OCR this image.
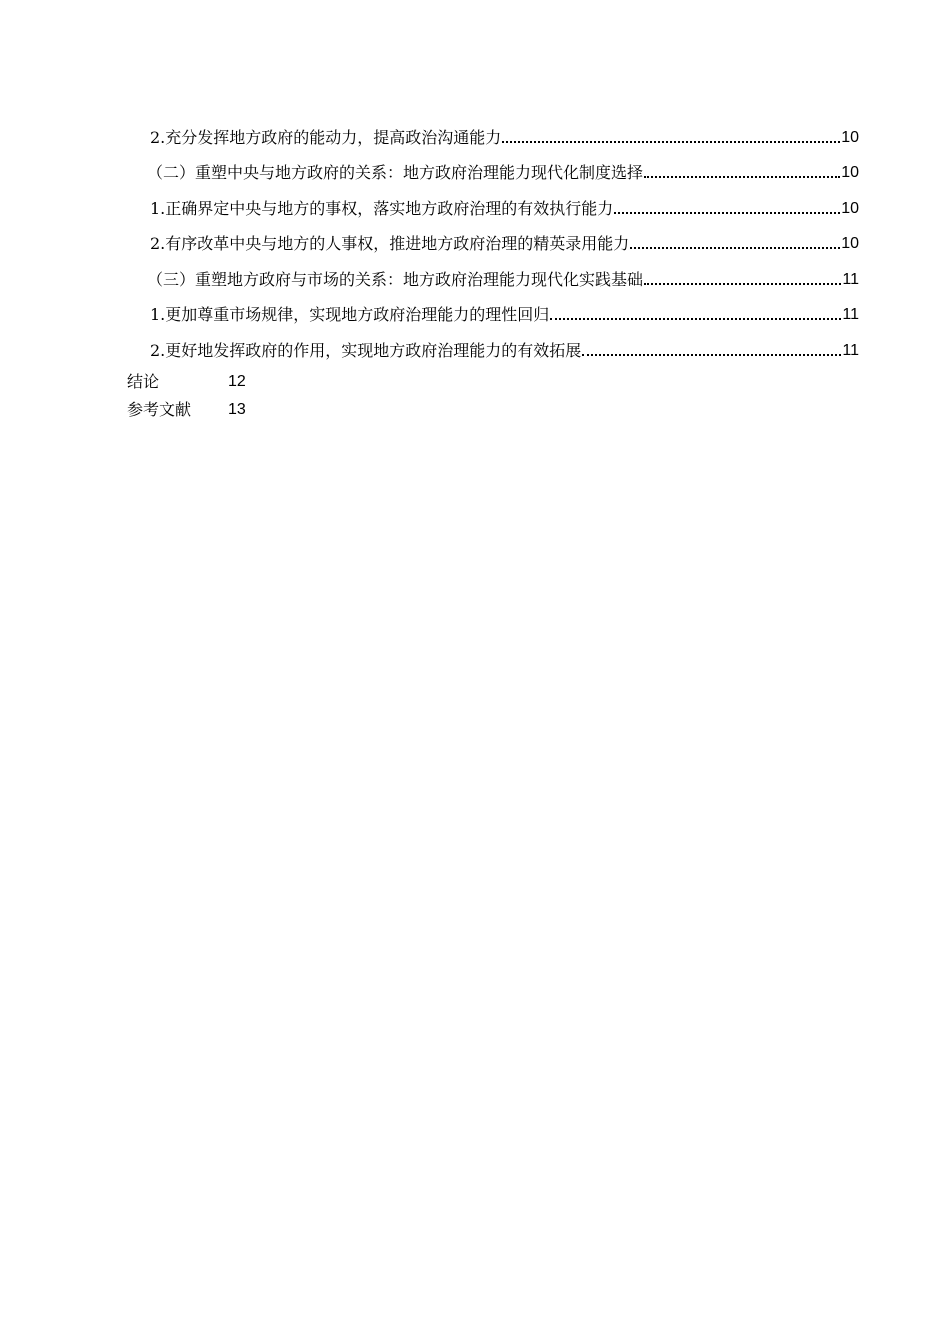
2.充分发挥地方政府的能动力，提高政治沟通能力	10
（二）重塑中央与地方政府的关系：地方政府治理能力现代化制度选择	10
1.正确界定中央与地方的事权，落实地方政府治理的有效执行能力	10
2.有序改革中央与地方的人事权，推进地方政府治理的精英录用能力	10
（三）重塑地方政府与市场的关系：地方政府治理能力现代化实践基础	11
1.更加尊重市场规律，实现地方政府治理能力的理性回归	11
2.更好地发挥政府的作用，实现地方政府治理能力的有效拓展	11
结论	12
参考文献	13
